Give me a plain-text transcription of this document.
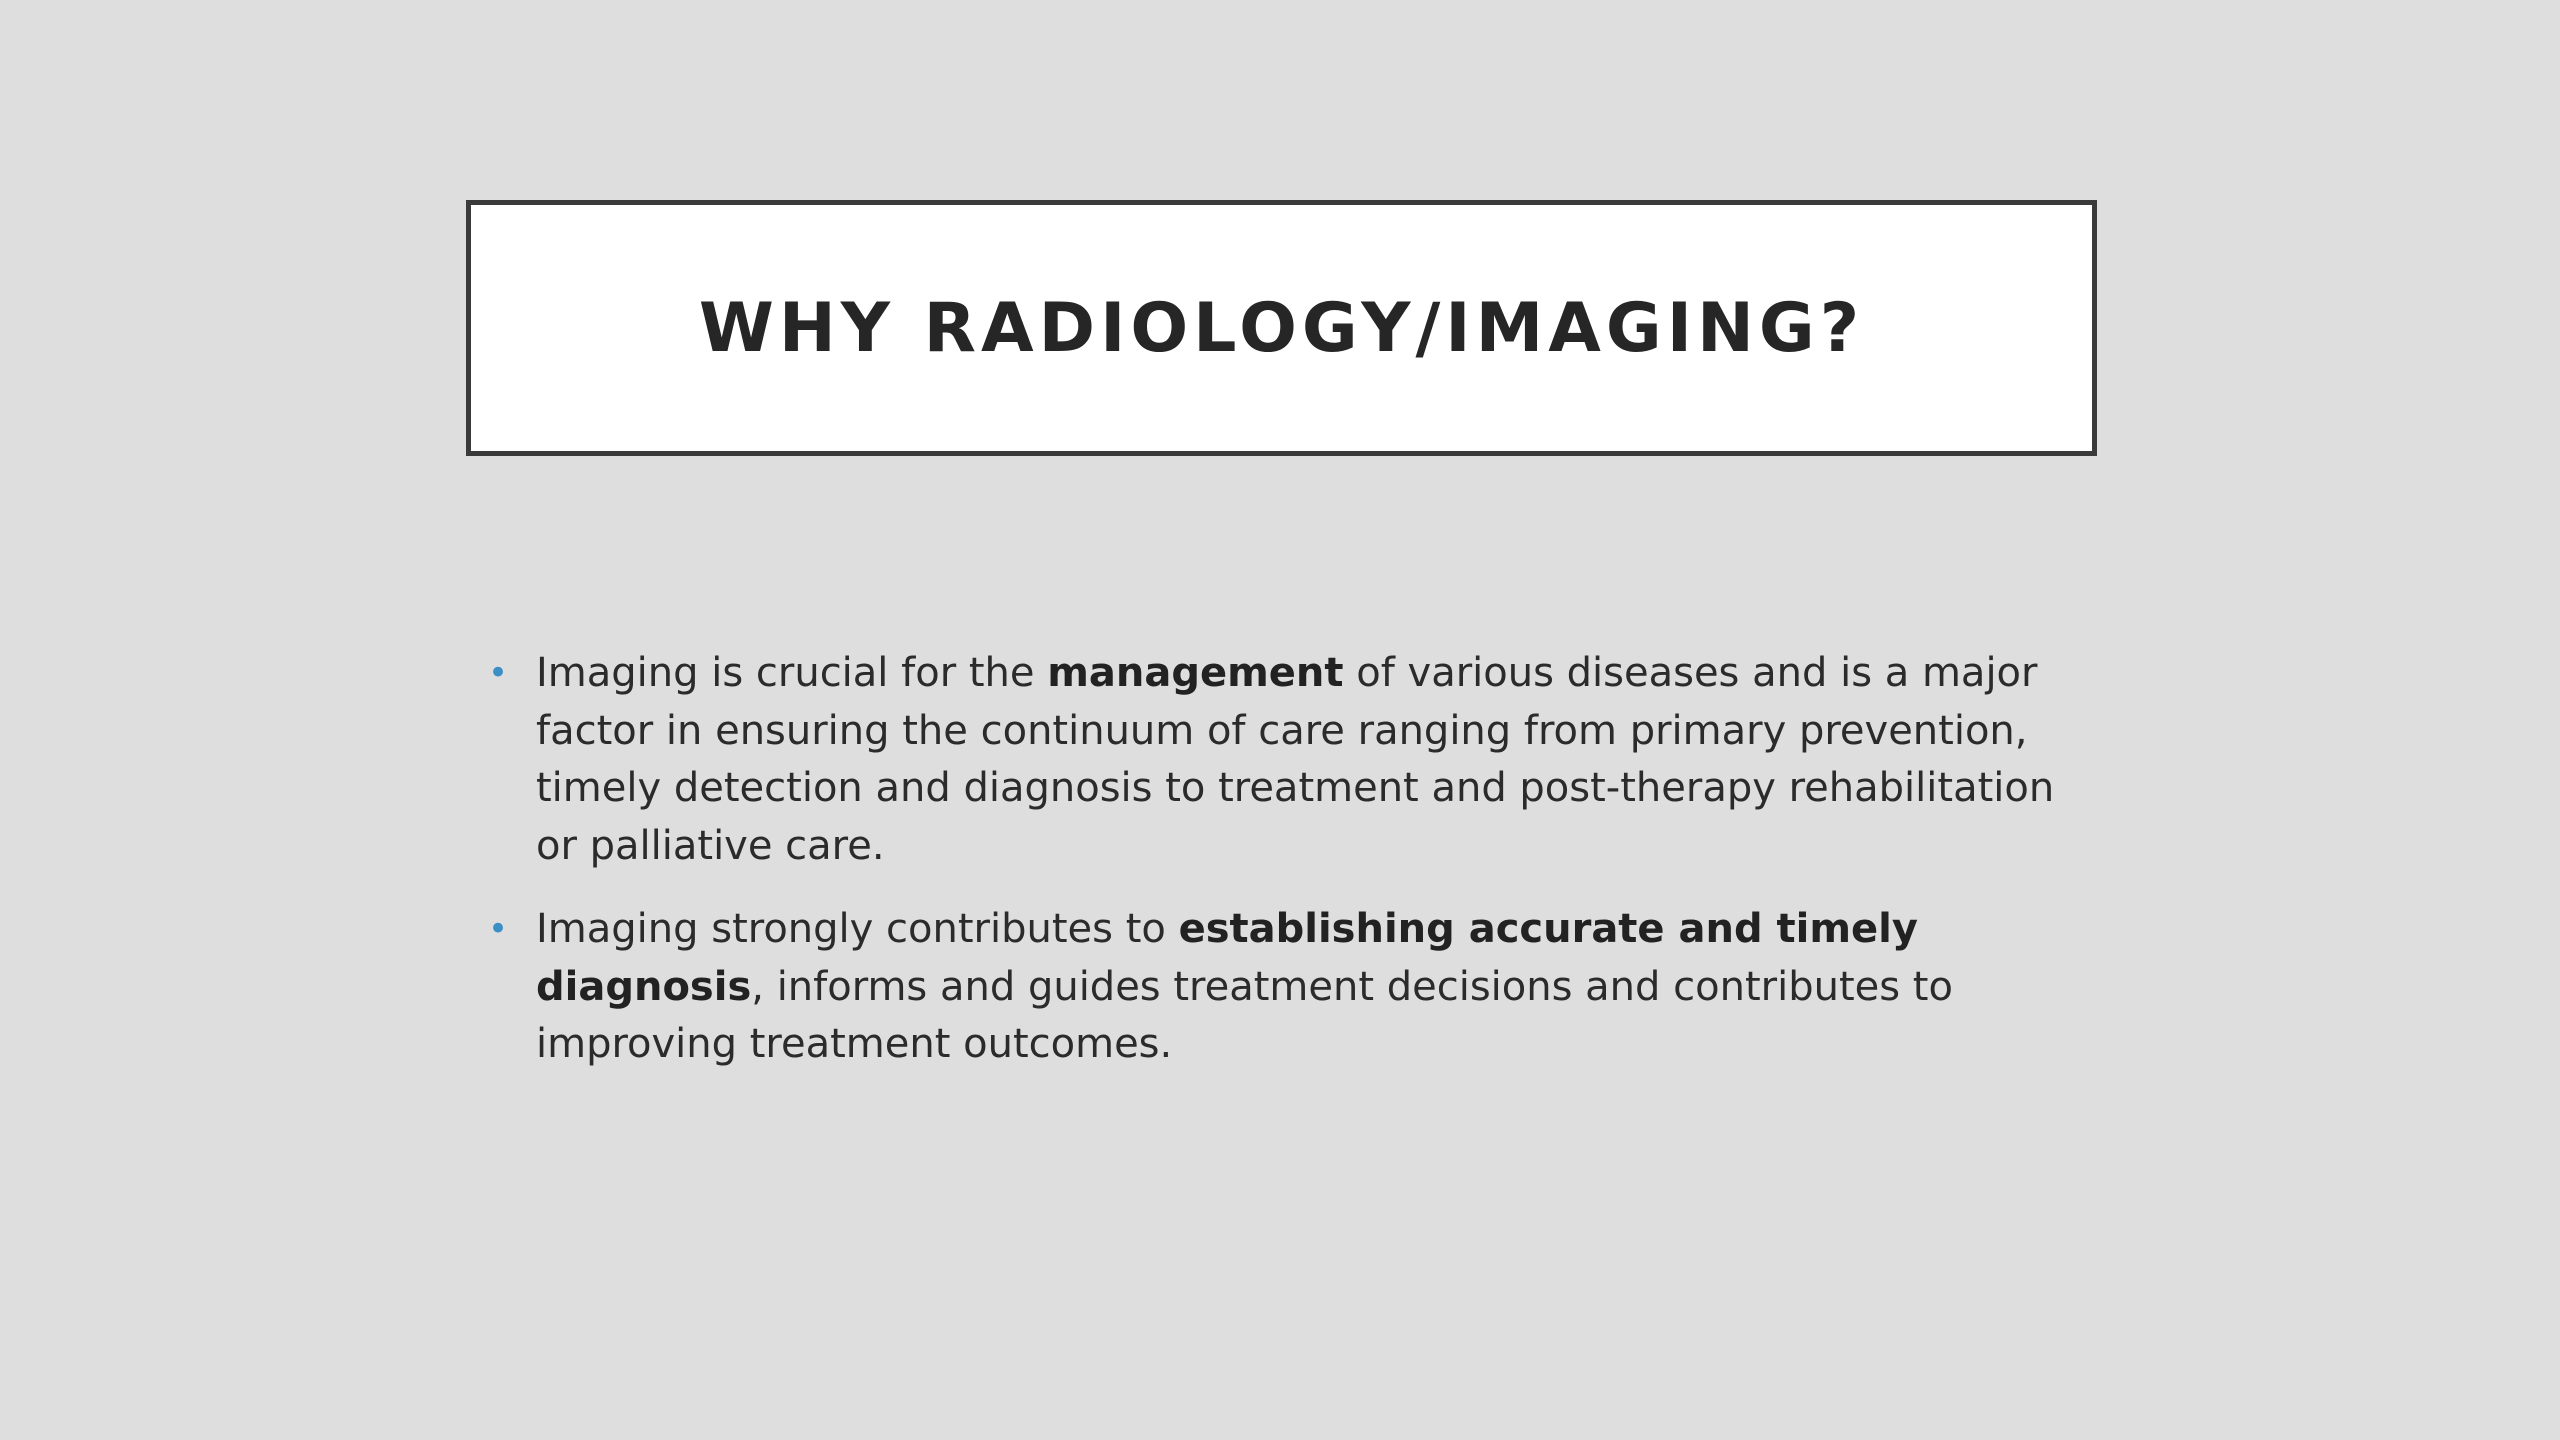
WHY RADIOLOGY/IMAGING?
• Imaging is crucial for the management of various diseases and is a major factor in ensuring the continuum of care ranging from primary prevention, timely detection and diagnosis to treatment and post-therapy rehabilitation or palliative care.
• Imaging strongly contributes to establishing accurate and timely diagnosis, informs and guides treatment decisions and contributes to improving treatment outcomes.
